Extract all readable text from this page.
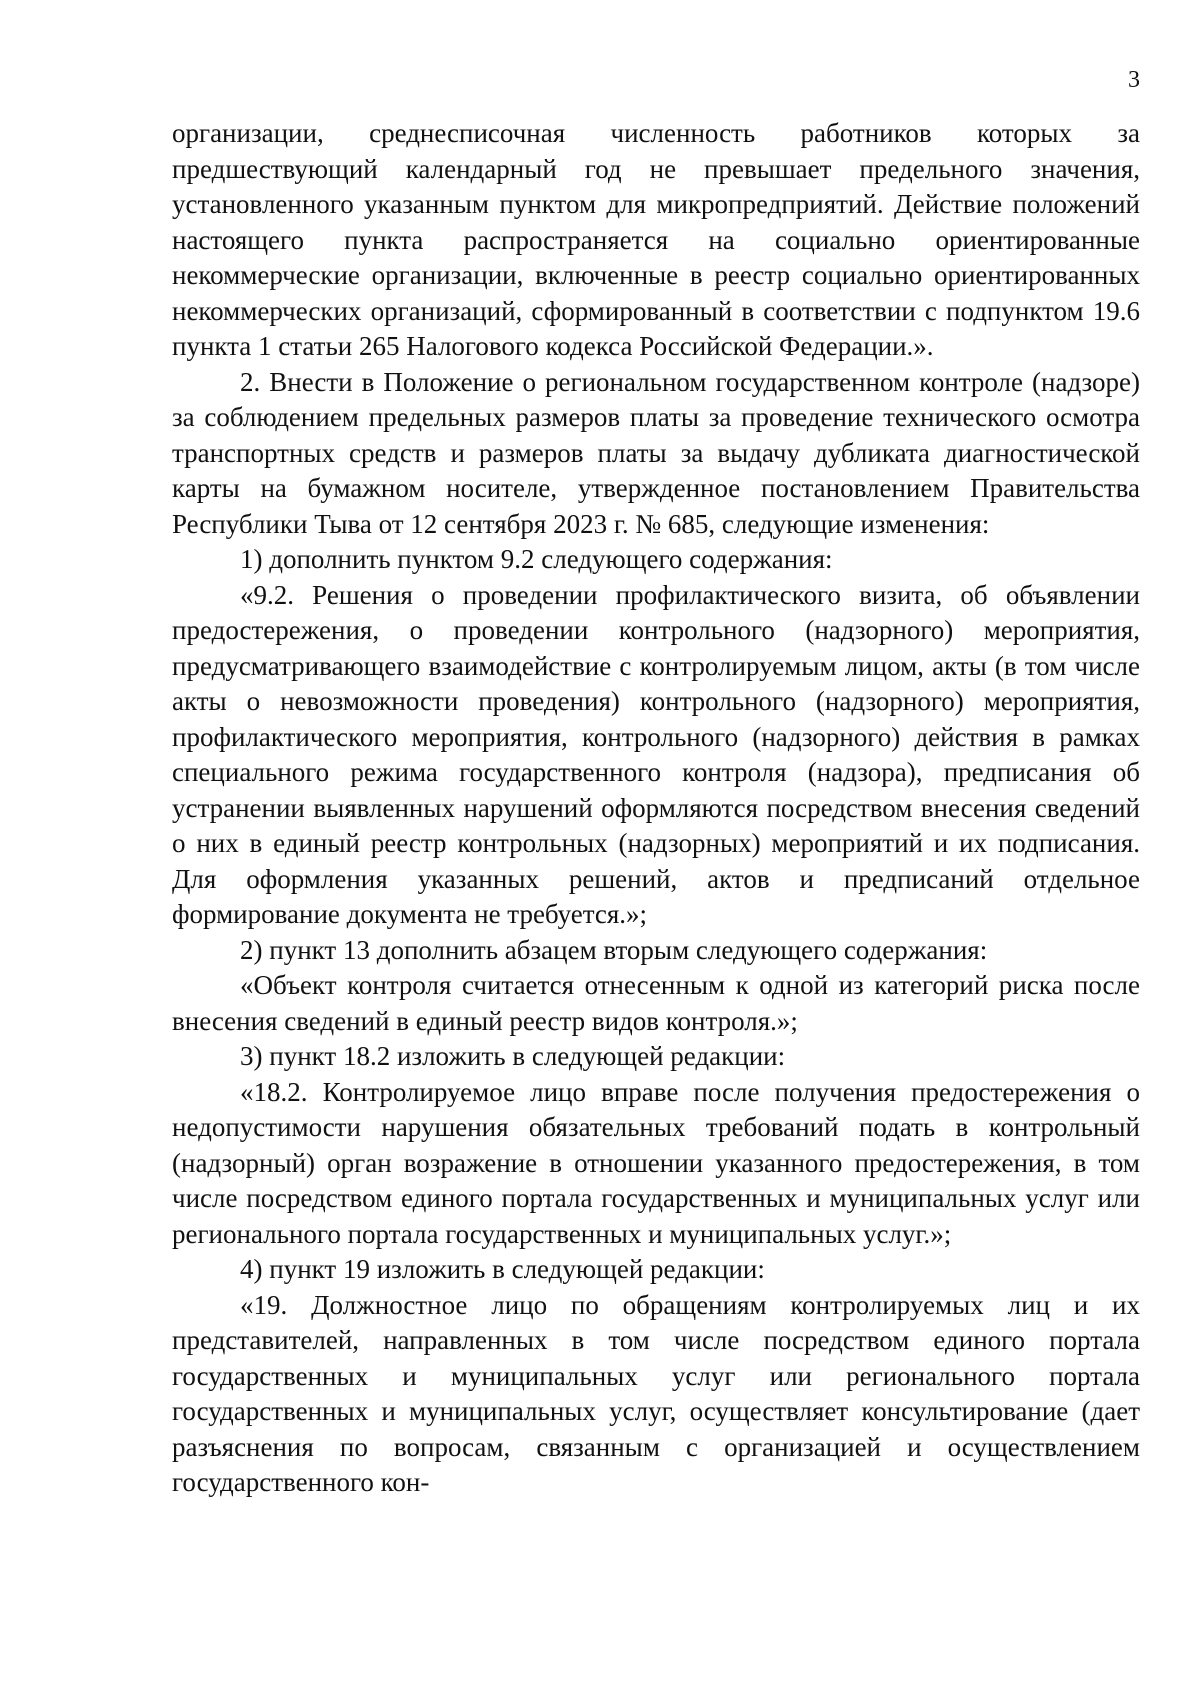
3

организации, среднесписочная численность работников которых за предшествующий календарный год не превышает предельного значения, установленного указанным пунктом для микропредприятий. Действие положений настоящего пункта распространяется на социально ориентированные некоммерческие организации, включенные в реестр социально ориентированных некоммерческих организаций, сформированный в соответствии с подпунктом 19.6 пункта 1 статьи 265 Налогового кодекса Российской Федерации.».

2. Внести в Положение о региональном государственном контроле (надзоре) за соблюдением предельных размеров платы за проведение технического осмотра транспортных средств и размеров платы за выдачу дубликата диагностической карты на бумажном носителе, утвержденное постановлением Правительства Республики Тыва от 12 сентября 2023 г. № 685, следующие изменения:

1) дополнить пунктом 9.2 следующего содержания:

«9.2. Решения о проведении профилактического визита, об объявлении предостережения, о проведении контрольного (надзорного) мероприятия, предусматривающего взаимодействие с контролируемым лицом, акты (в том числе акты о невозможности проведения) контрольного (надзорного) мероприятия, профилактического мероприятия, контрольного (надзорного) действия в рамках специального режима государственного контроля (надзора), предписания об устранении выявленных нарушений оформляются посредством внесения сведений о них в единый реестр контрольных (надзорных) мероприятий и их подписания. Для оформления указанных решений, актов и предписаний отдельное формирование документа не требуется.»;

2) пункт 13 дополнить абзацем вторым следующего содержания:

«Объект контроля считается отнесенным к одной из категорий риска после внесения сведений в единый реестр видов контроля.»;

3) пункт 18.2 изложить в следующей редакции:

«18.2. Контролируемое лицо вправе после получения предостережения о недопустимости нарушения обязательных требований подать в контрольный (надзорный) орган возражение в отношении указанного предостережения, в том числе посредством единого портала государственных и муниципальных услуг или регионального портала государственных и муниципальных услуг.»;

4) пункт 19 изложить в следующей редакции:

«19. Должностное лицо по обращениям контролируемых лиц и их представителей, направленных в том числе посредством единого портала государственных и муниципальных услуг или регионального портала государственных и муниципальных услуг, осуществляет консультирование (дает разъяснения по вопросам, связанным с организацией и осуществлением государственного кон-
